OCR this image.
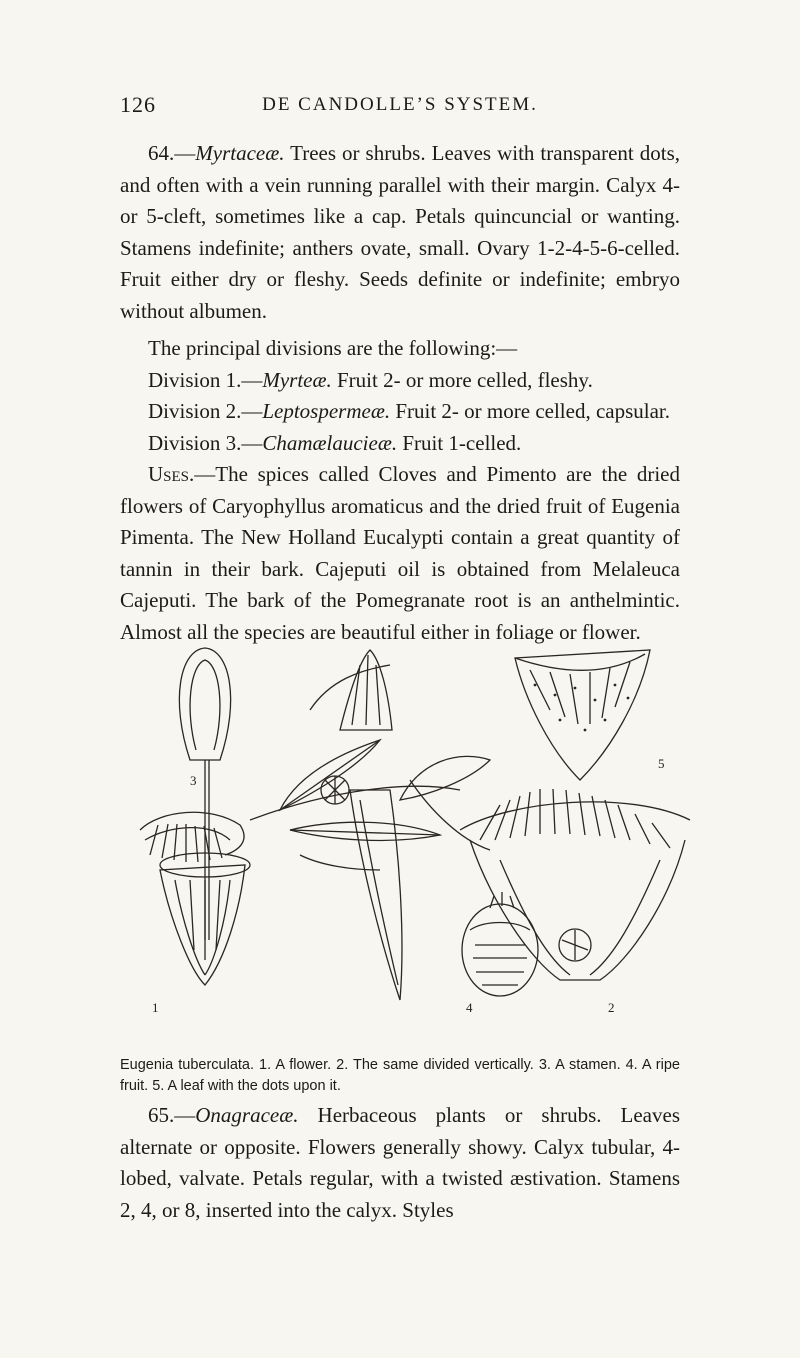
126	DE CANDOLLE’S SYSTEM.

64.—Myrtaceæ. Trees or shrubs. Leaves with transparent dots, and often with a vein running parallel with their margin. Calyx 4- or 5-cleft, sometimes like a cap. Petals quincuncial or wanting. Stamens indefinite; anthers ovate, small. Ovary 1-2-4-5-6-celled. Fruit either dry or fleshy. Seeds definite or indefinite; embryo without albumen.

The principal divisions are the following:—

Division 1.—Myrteæ. Fruit 2- or more celled, fleshy.

Division 2.—Leptospermeæ. Fruit 2- or more celled, capsular.

Division 3.—Chamælaucieæ. Fruit 1-celled.

Uses.—The spices called Cloves and Pimento are the dried flowers of Caryophyllus aromaticus and the dried fruit of Eugenia Pimenta. The New Holland Eucalypti contain a great quantity of tannin in their bark. Cajeputi oil is obtained from Melaleuca Cajeputi. The bark of the Pomegranate root is an anthelmintic. Almost all the species are beautiful either in foliage or flower.

3
1	4	2
5

Eugenia tuberculata. 1. A flower. 2. The same divided vertically. 3. A stamen. 4. A ripe fruit. 5. A leaf with the dots upon it.

65.—Onagraceæ. Herbaceous plants or shrubs. Leaves alternate or opposite. Flowers generally showy. Calyx tubular, 4-lobed, valvate. Petals regular, with a twisted æstivation. Stamens 2, 4, or 8, inserted into the calyx. Styles
